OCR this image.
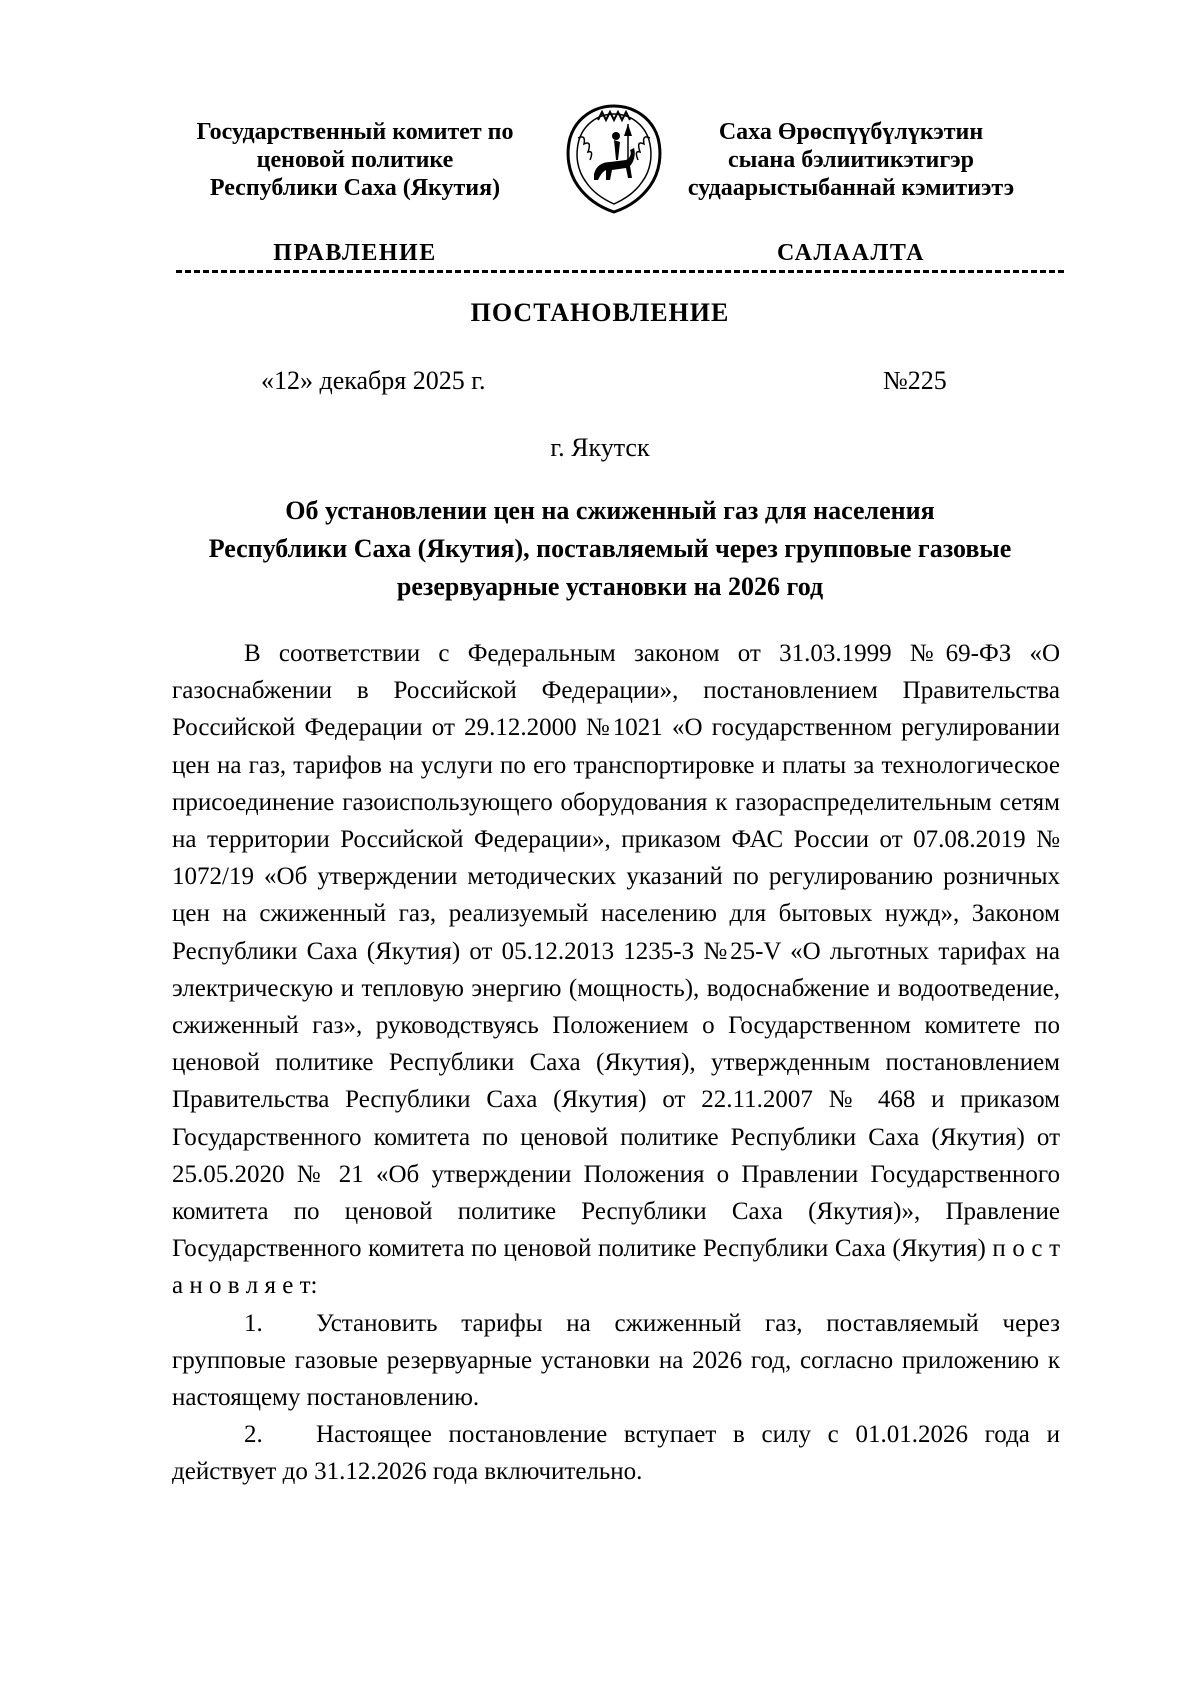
Государственный комитет по
ценовой политике
Республики Саха (Якутия)
Саха Өрөспүүбүлүкэтин
сыана бэлиитикэтигэр
судаарыстыбаннай кэмитиэтэ
ПРАВЛЕНИЕ	САЛААЛТА
ПОСТАНОВЛЕНИЕ
«12» декабря 2025 г.	№225
г. Якутск
Об установлении цен на сжиженный газ для населения
Республики Саха (Якутия), поставляемый через групповые газовые
резервуарные установки на 2026 год

В соответствии с Федеральным законом от 31.03.1999 №69-ФЗ «О газоснабжении в Российской Федерации», постановлением Правительства Российской Федерации от 29.12.2000 №1021 «О государственном регулировании цен на газ, тарифов на услуги по его транспортировке и платы за технологическое присоединение газоиспользующего оборудования к газораспределительным сетям на территории Российской Федерации», приказом ФАС России от 07.08.2019 № 1072/19 «Об утверждении методических указаний по регулированию розничных цен на сжиженный газ, реализуемый населению для бытовых нужд», Законом Республики Саха (Якутия) от 05.12.2013 1235-З №25-V «О льготных тарифах на электрическую и тепловую энергию (мощность), водоснабжение и водоотведение, сжиженный газ», руководствуясь Положением о Государственном комитете по ценовой политике Республики Саха (Якутия), утвержденным постановлением Правительства Республики Саха (Якутия) от 22.11.2007 № 468 и приказом Государственного комитета по ценовой политике Республики Саха (Якутия) от 25.05.2020 № 21 «Об утверждении Положения о Правлении Государственного комитета по ценовой политике Республики Саха (Якутия)», Правление Государственного комитета по ценовой политике Республики Саха (Якутия) п о с т а н о в л я е т:

1. Установить тарифы на сжиженный газ, поставляемый через групповые газовые резервуарные установки на 2026 год, согласно приложению к настоящему постановлению.

2. Настоящее постановление вступает в силу с 01.01.2026 года и действует до 31.12.2026 года включительно.
